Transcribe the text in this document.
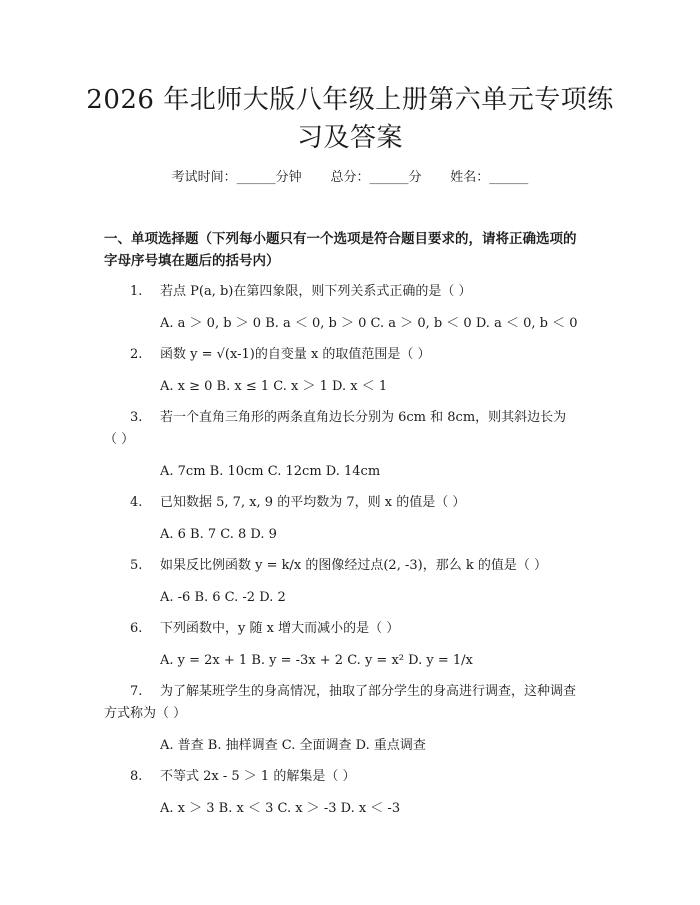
2026 年北师大版八年级上册第六单元专项练
习及答案
考试时间：______分钟 总分：______分 姓名：______
一、单项选择题（下列每小题只有一个选项是符合题目要求的，请将正确选项的
字母序号填在题后的括号内）
1.	若点 P(a, b)在第四象限，则下列关系式正确的是（ ）
A. a ＞ 0, b ＞ 0 B. a ＜ 0, b ＞ 0 C. a ＞ 0, b ＜ 0 D. a ＜ 0, b ＜ 0
2.	函数 y = √(x-1)的自变量 x 的取值范围是（ ）
A. x ≥ 0 B. x ≤ 1 C. x ＞ 1 D. x ＜ 1
3.	若一个直角三角形的两条直角边长分别为 6cm 和 8cm，则其斜边长为
（ ）
A. 7cm B. 10cm C. 12cm D. 14cm
4.	已知数据 5, 7, x, 9 的平均数为 7，则 x 的值是（ ）
A. 6 B. 7 C. 8 D. 9
5.	如果反比例函数 y = k/x 的图像经过点(2, -3)，那么 k 的值是（ ）
A. -6 B. 6 C. -2 D. 2
6.	下列函数中，y 随 x 增大而减小的是（ ）
A. y = 2x + 1 B. y = -3x + 2 C. y = x² D. y = 1/x
7.	为了解某班学生的身高情况，抽取了部分学生的身高进行调查，这种调查
方式称为（ ）
A. 普查 B. 抽样调查 C. 全面调查 D. 重点调查
8.	不等式 2x - 5 ＞ 1 的解集是（ ）
A. x ＞ 3 B. x ＜ 3 C. x ＞ -3 D. x ＜ -3
